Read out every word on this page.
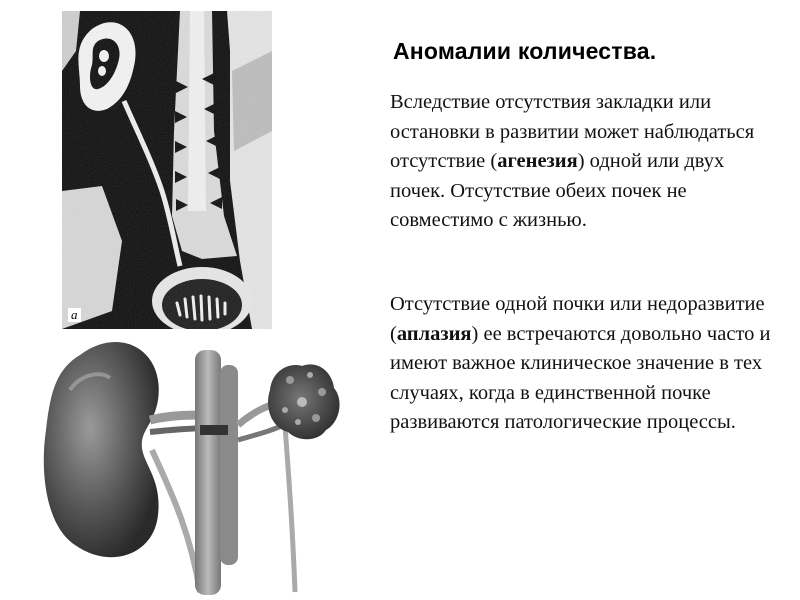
а
Аномалии количества.
Вследствие отсутствия закладки или остановки в развитии может наблюдаться отсутствие (агенезия) одной или двух почек. Отсутствие обеих почек не совместимо с жизнью.
Отсутствие одной почки или недоразвитие (аплазия) ее встречаются довольно часто и имеют важное клиническое значение в тех случаях, когда в единственной почке развиваются патологические процессы.
